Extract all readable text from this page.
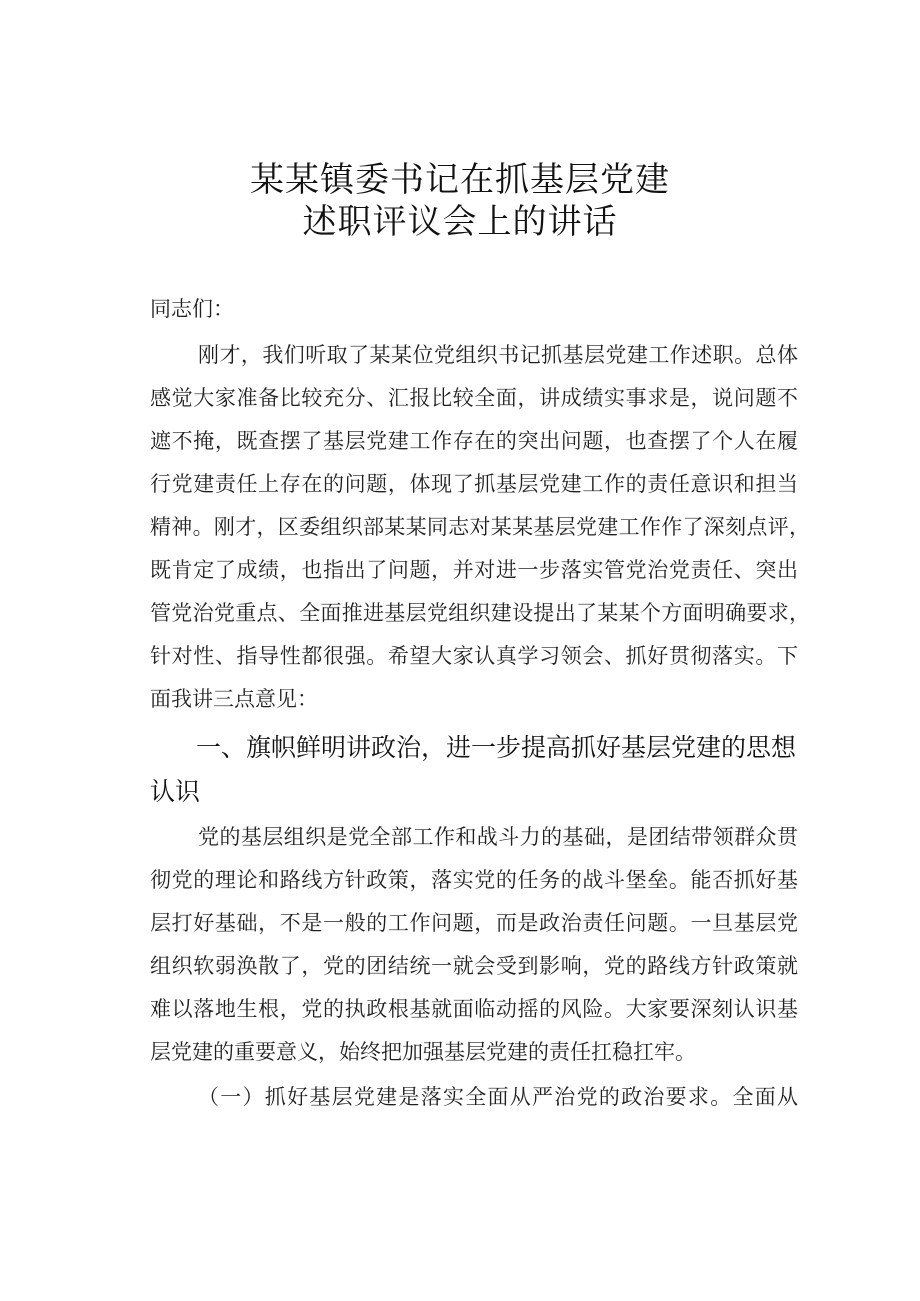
某某镇委书记在抓基层党建
述职评议会上的讲话
同志们：
刚才，我们听取了某某位党组织书记抓基层党建工作述职。总体
感觉大家准备比较充分、汇报比较全面，讲成绩实事求是，说问题不
遮不掩，既查摆了基层党建工作存在的突出问题，也查摆了个人在履
行党建责任上存在的问题，体现了抓基层党建工作的责任意识和担当
精神。刚才，区委组织部某某同志对某某基层党建工作作了深刻点评，
既肯定了成绩，也指出了问题，并对进一步落实管党治党责任、突出
管党治党重点、全面推进基层党组织建设提出了某某个方面明确要求，
针对性、指导性都很强。希望大家认真学习领会、抓好贯彻落实。下
面我讲三点意见：
一、旗帜鲜明讲政治，进一步提高抓好基层党建的思想
认识
党的基层组织是党全部工作和战斗力的基础，是团结带领群众贯
彻党的理论和路线方针政策，落实党的任务的战斗堡垒。能否抓好基
层打好基础，不是一般的工作问题，而是政治责任问题。一旦基层党
组织软弱涣散了，党的团结统一就会受到影响，党的路线方针政策就
难以落地生根，党的执政根基就面临动摇的风险。大家要深刻认识基
层党建的重要意义，始终把加强基层党建的责任扛稳扛牢。
（一）抓好基层党建是落实全面从严治党的政治要求。全面从
